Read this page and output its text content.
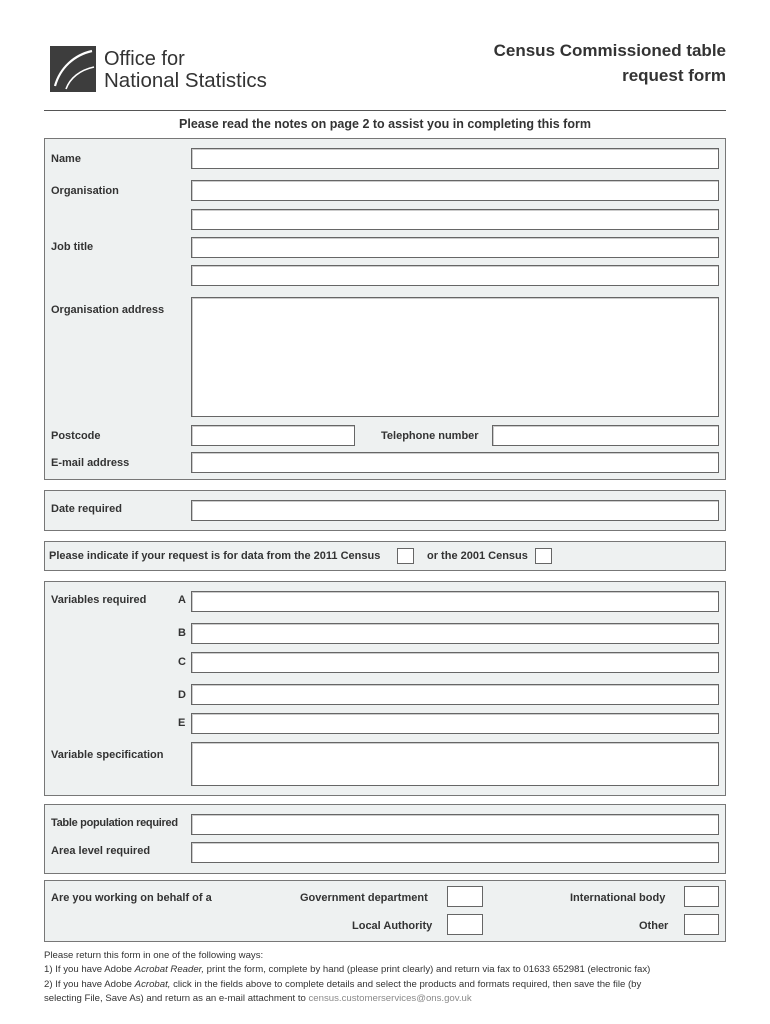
Office for
National Statistics
Census Commissioned table
request form
Please read the notes on page 2 to assist you in completing this form
Name
Organisation
Job title
Organisation address
Postcode	Telephone number
E-mail address
Date required
Please indicate if your request is for data from the 2011 Census	or the 2001 Census
Variables required	A
B
C
D
E
Variable specification
Table population required
Area level required
Are you working on behalf of a	Government department	International body
Local Authority	Other
Please return this form in one of the following ways:
1) If you have Adobe Acrobat Reader, print the form, complete by hand (please print clearly) and return via fax to 01633 652981 (electronic fax)
2) If you have Adobe Acrobat, click in the fields above to complete details and select the products and formats required, then save the file (by
selecting File, Save As) and return as an e-mail attachment to census.customerservices@ons.gov.uk
